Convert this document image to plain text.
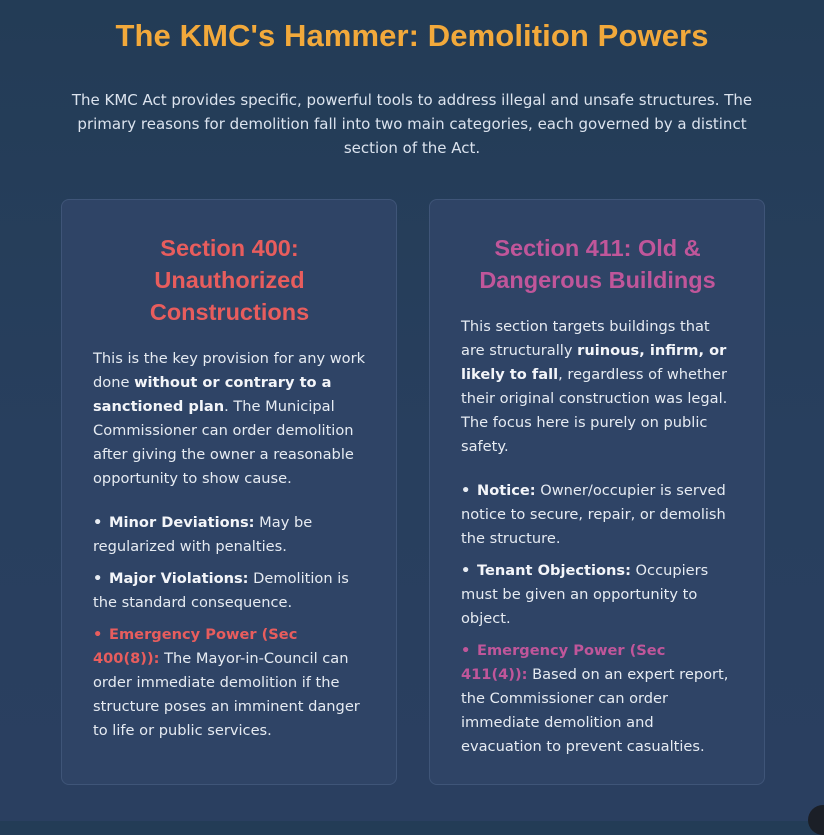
The KMC's Hammer: Demolition Powers

The KMC Act provides specific, powerful tools to address illegal and unsafe structures. The primary reasons for demolition fall into two main categories, each governed by a distinct section of the Act.

Section 400: Unauthorized Constructions

This is the key provision for any work done without or contrary to a sanctioned plan. The Municipal Commissioner can order demolition after giving the owner a reasonable opportunity to show cause.

• Minor Deviations: May be regularized with penalties.
• Major Violations: Demolition is the standard consequence.
• Emergency Power (Sec 400(8)): The Mayor-in-Council can order immediate demolition if the structure poses an imminent danger to life or public services.
Section 411: Old & Dangerous Buildings

This section targets buildings that are structurally ruinous, infirm, or likely to fall, regardless of whether their original construction was legal. The focus here is purely on public safety.

• Notice: Owner/occupier is served notice to secure, repair, or demolish the structure.
• Tenant Objections: Occupiers must be given an opportunity to object.
• Emergency Power (Sec 411(4)): Based on an expert report, the Commissioner can order immediate demolition and evacuation to prevent casualties.
